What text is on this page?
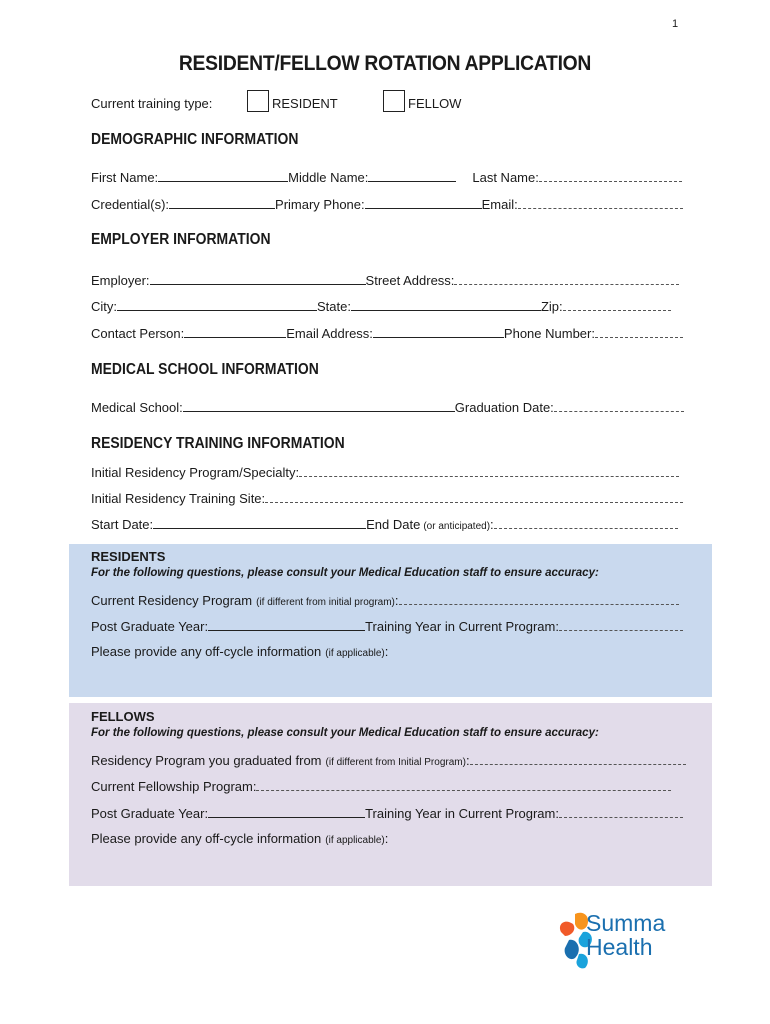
1
RESIDENT/FELLOW ROTATION APPLICATION
Current training type:	RESIDENT	FELLOW
DEMOGRAPHIC INFORMATION
First Name:	Middle Name:	Last Name:
Credential(s):	Primary Phone:	Email:
EMPLOYER INFORMATION
Employer:	Street Address:
City:	State:	Zip:
Contact Person:	Email Address:	Phone Number:
MEDICAL SCHOOL INFORMATION
Medical School:	Graduation Date:
RESIDENCY TRAINING INFORMATION
Initial Residency Program/Specialty:
Initial Residency Training Site:
Start Date:	End Date (or anticipated) :
RESIDENTS
For the following questions, please consult your Medical Education staff to ensure accuracy:
Current Residency Program (if different from initial program) :
Post Graduate Year:	Training Year in Current Program:
Please provide any off-cycle information (if applicable) :
FELLOWS
For the following questions, please consult your Medical Education staff to ensure accuracy:
Residency Program you graduated from (if different from Initial Program) :
Current Fellowship Program:
Post Graduate Year:	Training Year in Current Program:
Please provide any off-cycle information (if applicable) :
Summa
Health
